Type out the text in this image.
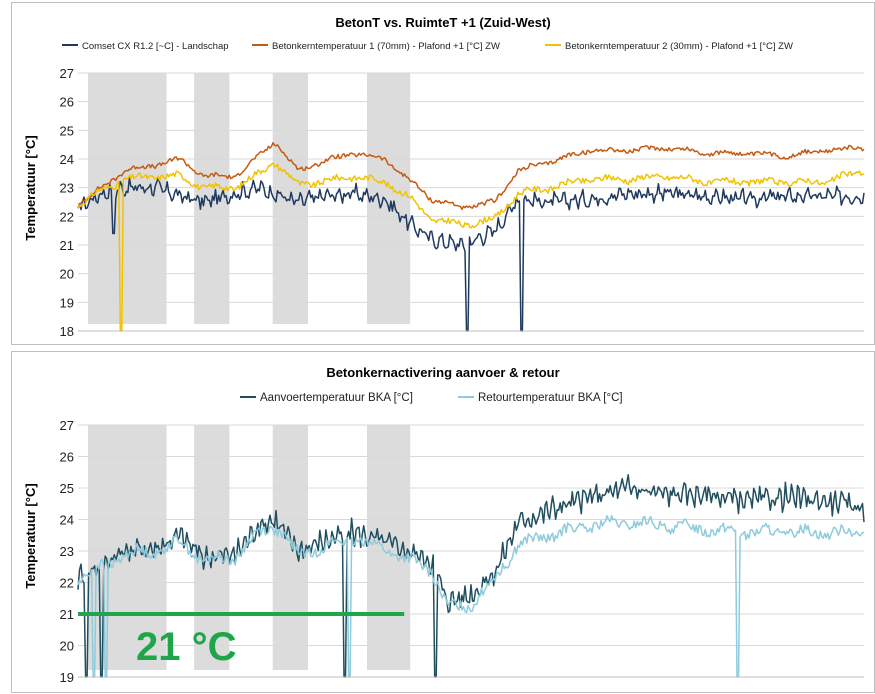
BetonT vs. RuimteT +1 (Zuid-West)
Comset CX R1.2 [~C] - Landschap	Betonkerntemperatuur 1 (70mm) - Plafond +1 [°C] ZW	Betonkerntemperatuur 2 (30mm) - Plafond +1 [°C] ZW
Temperatuur [°C]
27
26
25
24
23
22
21
20
19
18
Betonkernactivering aanvoer & retour
Aanvoertemperatuur BKA [°C]	Retourtemperatuur BKA [°C]
Temperatuur [°C]
27
26
25
24
23
22
21
20
19
21 °C
